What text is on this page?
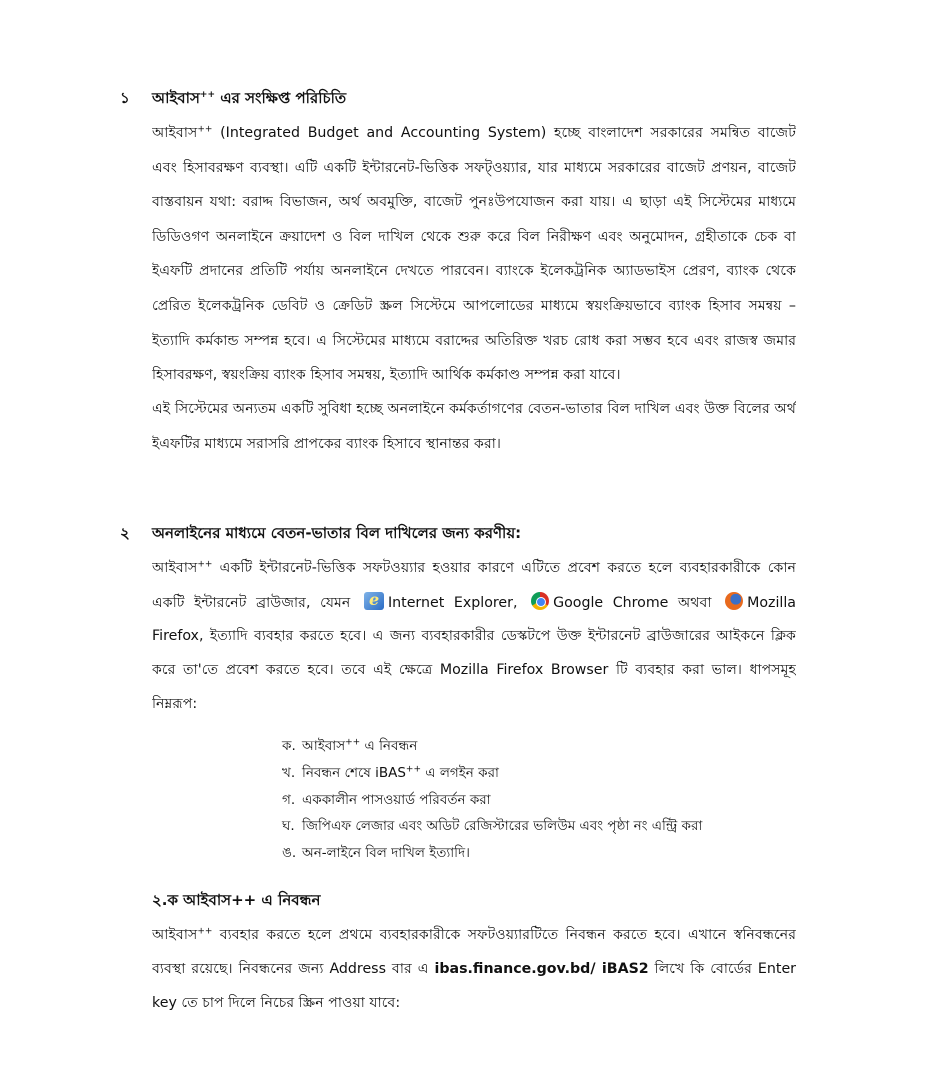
১ আইবাস++ এর সংক্ষিপ্ত পরিচিতি
আইবাস++ (Integrated Budget and Accounting System) হচ্ছে বাংলাদেশ সরকারের সমন্বিত বাজেট
এবং হিসাবরক্ষণ ব্যবস্থা। এটি একটি ইন্টারনেট-ভিত্তিক সফট্ওয়্যার, যার মাধ্যমে সরকারের বাজেট প্রণয়ন, বাজেট
বাস্তবায়ন যথা: বরাদ্দ বিভাজন, অর্থ অবমুক্তি, বাজেট পুনঃউপযোজন করা যায়। এ ছাড়া এই সিস্টেমের মাধ্যমে
ডিডিওগণ অনলাইনে ক্রয়াদেশ ও বিল দাখিল থেকে শুরু করে বিল নিরীক্ষণ এবং অনুমোদন, গ্রহীতাকে চেক বা
ইএফটি প্রদানের প্রতিটি পর্যায় অনলাইনে দেখতে পারবেন। ব্যাংকে ইলেকট্রনিক অ্যাডভাইস প্রেরণ, ব্যাংক থেকে
প্রেরিত ইলেকট্রনিক ডেবিট ও ক্রেডিট স্ক্রল সিস্টেমে আপলোডের মাধ্যমে স্বয়ংক্রিয়ভাবে ব্যাংক হিসাব সমন্বয় –
ইত্যাদি কর্মকান্ড সম্পন্ন হবে। এ সিস্টেমের মাধ্যমে বরাদ্দের অতিরিক্ত খরচ রোধ করা সম্ভব হবে এবং রাজস্ব জমার
হিসাবরক্ষণ, স্বয়ংক্রিয় ব্যাংক হিসাব সমন্বয়, ইত্যাদি আর্থিক কর্মকাণ্ড সম্পন্ন করা যাবে।
এই সিস্টেমের অন্যতম একটি সুবিধা হচ্ছে অনলাইনে কর্মকর্তাগণের বেতন-ভাতার বিল দাখিল এবং উক্ত বিলের অর্থ
ইএফটির মাধ্যমে সরাসরি প্রাপকের ব্যাংক হিসাবে স্থানান্তর করা।
২ অনলাইনের মাধ্যমে বেতন-ভাতার বিল দাখিলের জন্য করণীয়:
আইবাস++ একটি ইন্টারনেট-ভিত্তিক সফটওয়্যার হওয়ার কারণে এটিতে প্রবেশ করতে হলে ব্যবহারকারীকে কোন
একটি ইন্টারনেট ব্রাউজার, যেমন eInternet Explorer,	Google Chrome অথবা Mozilla
Firefox, ইত্যাদি ব্যবহার করতে হবে। এ জন্য ব্যবহারকারীর ডেস্কটপে উক্ত ইন্টারনেট ব্রাউজারের আইকনে ক্লিক
করে তা'তে প্রবেশ করতে হবে। তবে এই ক্ষেত্রে Mozilla Firefox Browser টি ব্যবহার করা ভাল। ধাপসমূহ
নিম্নরূপ:
ক. আইবাস++ এ নিবন্ধন
খ. নিবন্ধন শেষে iBAS++ এ লগইন করা
গ. এককালীন পাসওয়ার্ড পরিবর্তন করা
ঘ. জিপিএফ লেজার এবং অডিট রেজিস্টারের ভলিউম এবং পৃষ্ঠা নং এন্ট্রি করা
ঙ. অন-লাইনে বিল দাখিল ইত্যাদি।
২.ক আইবাস++ এ নিবন্ধন
আইবাস++ ব্যবহার করতে হলে প্রথমে ব্যবহারকারীকে সফটওয়্যারটিতে নিবন্ধন করতে হবে। এখানে স্বনিবন্ধনের
ব্যবস্থা রয়েছে। নিবন্ধনের জন্য Address বার এ ibas.finance.gov.bd/ iBAS2 লিখে কি বোর্ডের Enter
key তে চাপ দিলে নিচের স্ক্রিন পাওয়া যাবে:
